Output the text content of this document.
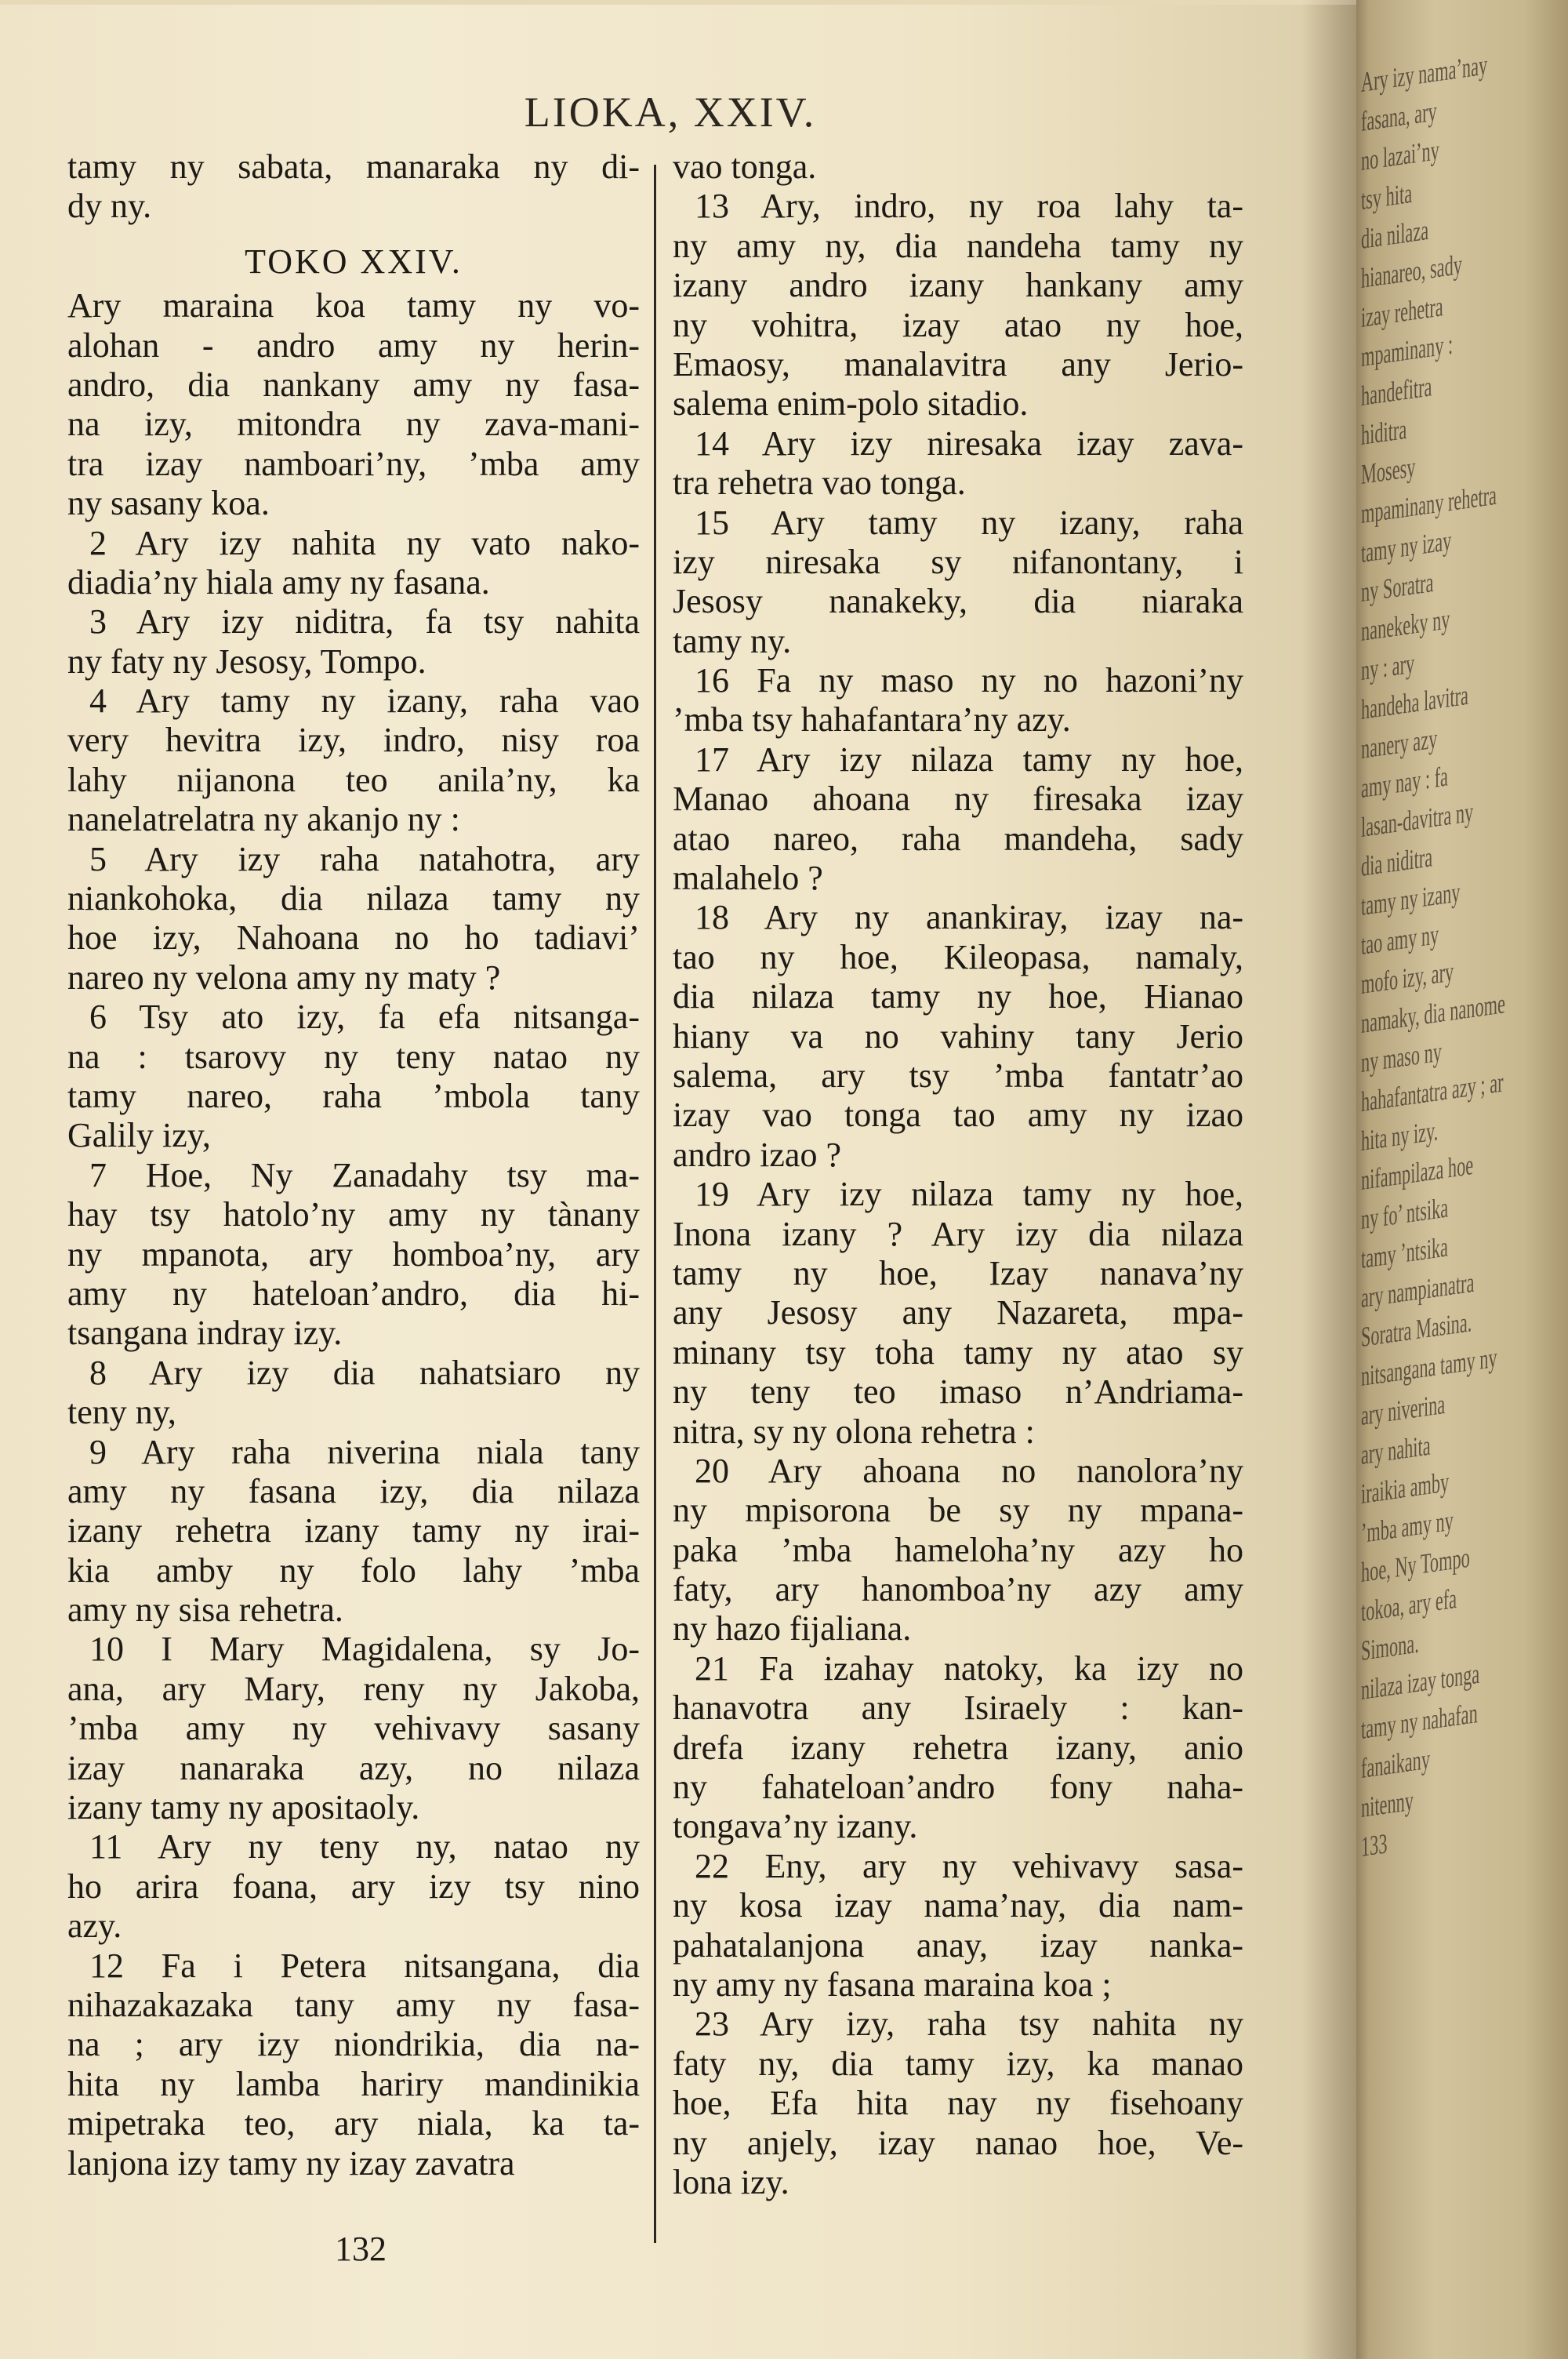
Ary izy nama’nay
fasana, ary
no lazai’ny
tsy hita
dia nilaza
hianareo, sady
izay rehetra
mpaminany :
handefitra
hiditra
Mosesy
mpaminany rehetra
tamy ny izay
ny Soratra
nanekeky ny
ny : ary
handeha lavitra
nanery azy
amy nay : fa
lasan-davitra ny
dia niditra
tamy ny izany
tao amy ny
mofo izy, ary
namaky, dia nanome
ny maso ny
hahafantatra azy ; ar
hita ny izy.
nifampilaza hoe
ny fo’ ntsika
tamy ’ntsika
ary nampianatra
Soratra Masina.
nitsangana tamy ny
ary niverina
ary nahita
iraikia amby
’mba amy ny
hoe, Ny Tompo
tokoa, ary efa
Simona.
nilaza izay tonga
tamy ny nahafan
fanaikany
nitenny
133
LIOKA, XXIV.
tamy ny sabata, manaraka ny di-
dy ny.
TOKO XXIV.
Ary maraina koa tamy ny vo-
alohan - andro amy ny herin-
andro, dia nankany amy ny fasa-
na izy, mitondra ny zava-mani-
tra izay namboari’ny, ’mba amy
ny sasany koa.
2 Ary izy nahita ny vato nako-
diadia’ny hiala amy ny fasana.
3 Ary izy niditra, fa tsy nahita
ny faty ny Jesosy, Tompo.
4 Ary tamy ny izany, raha vao
very hevitra izy, indro, nisy roa
lahy nijanona teo anila’ny, ka
nanelatrelatra ny akanjo ny :
5 Ary izy raha natahotra, ary
niankohoka, dia nilaza tamy ny
hoe izy, Nahoana no ho tadiavi’
nareo ny velona amy ny maty ?
6 Tsy ato izy, fa efa nitsanga-
na : tsarovy ny teny natao ny
tamy nareo, raha ’mbola tany
Galily izy,
7 Hoe, Ny Zanadahy tsy ma-
hay tsy hatolo’ny amy ny tànany
ny mpanota, ary homboa’ny, ary
amy ny hateloan’andro, dia hi-
tsangana indray izy.
8 Ary izy dia nahatsiaro ny
teny ny,
9 Ary raha niverina niala tany
amy ny fasana izy, dia nilaza
izany rehetra izany tamy ny irai-
kia amby ny folo lahy ’mba
amy ny sisa rehetra.
10 I Mary Magidalena, sy Jo-
ana, ary Mary, reny ny Jakoba,
’mba amy ny vehivavy sasany
izay nanaraka azy, no nilaza
izany tamy ny apositaoly.
11 Ary ny teny ny, natao ny
ho arira foana, ary izy tsy nino
azy.
12 Fa i Petera nitsangana, dia
nihazakazaka tany amy ny fasa-
na ; ary izy niondrikia, dia na-
hita ny lamba hariry mandinikia
mipetraka teo, ary niala, ka ta-
lanjona izy tamy ny izay zavatra
vao tonga.
13 Ary, indro, ny roa lahy ta-
ny amy ny, dia nandeha tamy ny
izany andro izany hankany amy
ny vohitra, izay atao ny hoe,
Emaosy, manalavitra any Jerio-
salema enim-polo sitadio.
14 Ary izy niresaka izay zava-
tra rehetra vao tonga.
15 Ary tamy ny izany, raha
izy niresaka sy nifanontany, i
Jesosy nanakeky, dia niaraka
tamy ny.
16 Fa ny maso ny no hazoni’ny
’mba tsy hahafantara’ny azy.
17 Ary izy nilaza tamy ny hoe,
Manao ahoana ny firesaka izay
atao nareo, raha mandeha, sady
malahelo ?
18 Ary ny anankiray, izay na-
tao ny hoe, Kileopasa, namaly,
dia nilaza tamy ny hoe, Hianao
hiany va no vahiny tany Jerio
salema, ary tsy ’mba fantatr’ao
izay vao tonga tao amy ny izao
andro izao ?
19 Ary izy nilaza tamy ny hoe,
Inona izany ? Ary izy dia nilaza
tamy ny hoe, Izay nanava’ny
any Jesosy any Nazareta, mpa-
minany tsy toha tamy ny atao sy
ny teny teo imaso n’Andriama-
nitra, sy ny olona rehetra :
20 Ary ahoana no nanolora’ny
ny mpisorona be sy ny mpana-
paka ’mba hameloha’ny azy ho
faty, ary hanomboa’ny azy amy
ny hazo fijaliana.
21 Fa izahay natoky, ka izy no
hanavotra any Isiraely : kan-
drefa izany rehetra izany, anio
ny fahateloan’andro fony naha-
tongava’ny izany.
22 Eny, ary ny vehivavy sasa-
ny kosa izay nama’nay, dia nam-
pahatalanjona anay, izay nanka-
ny amy ny fasana maraina koa ;
23 Ary izy, raha tsy nahita ny
faty ny, dia tamy izy, ka manao
hoe, Efa hita nay ny fisehoany
ny anjely, izay nanao hoe, Ve-
lona izy.
132
